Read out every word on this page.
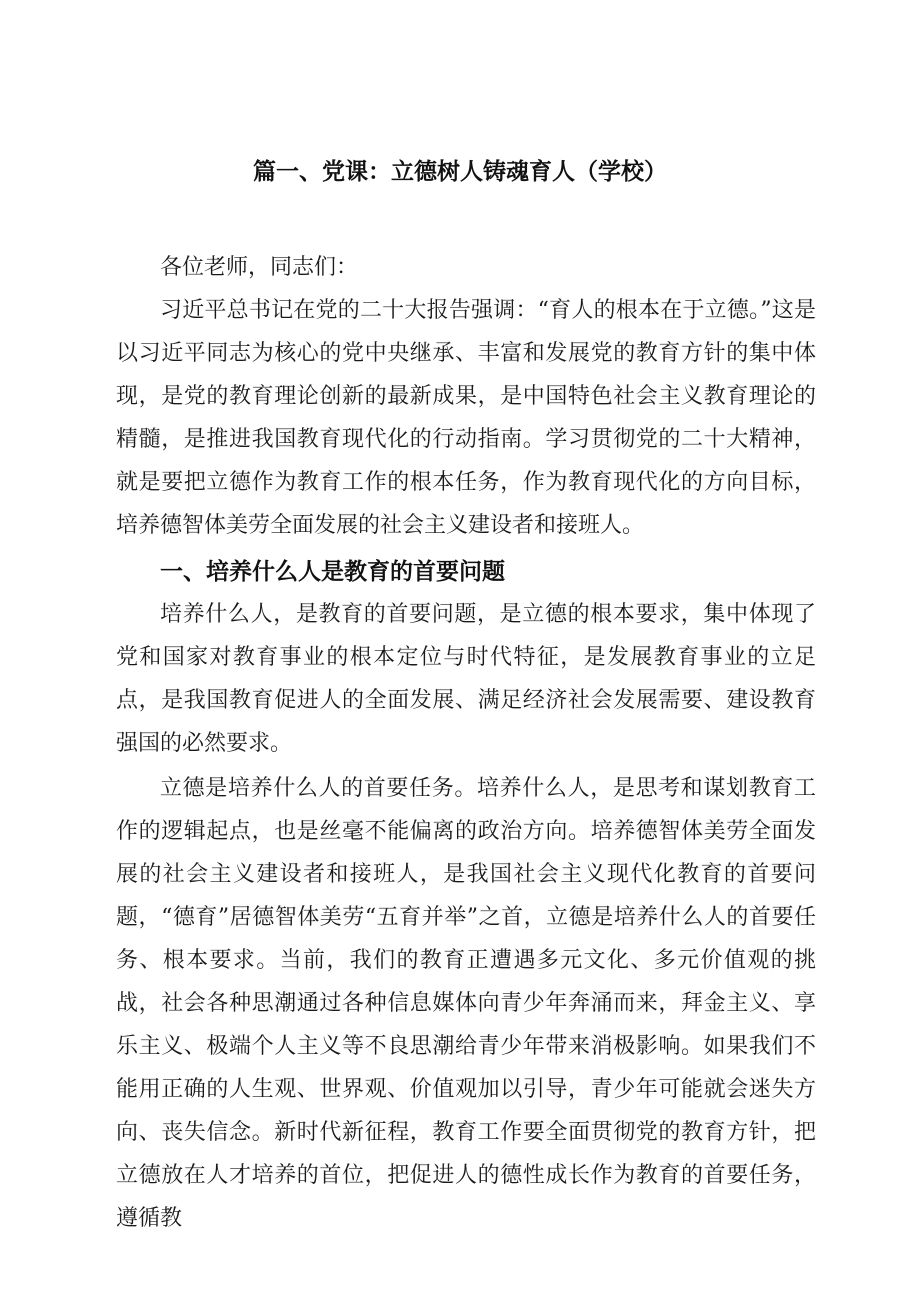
篇一、党课：立德树人铸魂育人（学校）

各位老师，同志们：

习近平总书记在党的二十大报告强调：“育人的根本在于立德。”这是以习近平同志为核心的党中央继承、丰富和发展党的教育方针的集中体现，是党的教育理论创新的最新成果，是中国特色社会主义教育理论的精髓，是推进我国教育现代化的行动指南。学习贯彻党的二十大精神，就是要把立德作为教育工作的根本任务，作为教育现代化的方向目标，培养德智体美劳全面发展的社会主义建设者和接班人。

一、培养什么人是教育的首要问题

培养什么人，是教育的首要问题，是立德的根本要求，集中体现了党和国家对教育事业的根本定位与时代特征，是发展教育事业的立足点，是我国教育促进人的全面发展、满足经济社会发展需要、建设教育强国的必然要求。

立德是培养什么人的首要任务。培养什么人，是思考和谋划教育工作的逻辑起点，也是丝毫不能偏离的政治方向。培养德智体美劳全面发展的社会主义建设者和接班人，是我国社会主义现代化教育的首要问题，“德育”居德智体美劳“五育并举”之首，立德是培养什么人的首要任务、根本要求。当前，我们的教育正遭遇多元文化、多元价值观的挑战，社会各种思潮通过各种信息媒体向青少年奔涌而来，拜金主义、享乐主义、极端个人主义等不良思潮给青少年带来消极影响。如果我们不能用正确的人生观、世界观、价值观加以引导，青少年可能就会迷失方向、丧失信念。新时代新征程，教育工作要全面贯彻党的教育方针，把立德放在人才培养的首位，把促进人的德性成长作为教育的首要任务，遵循教
